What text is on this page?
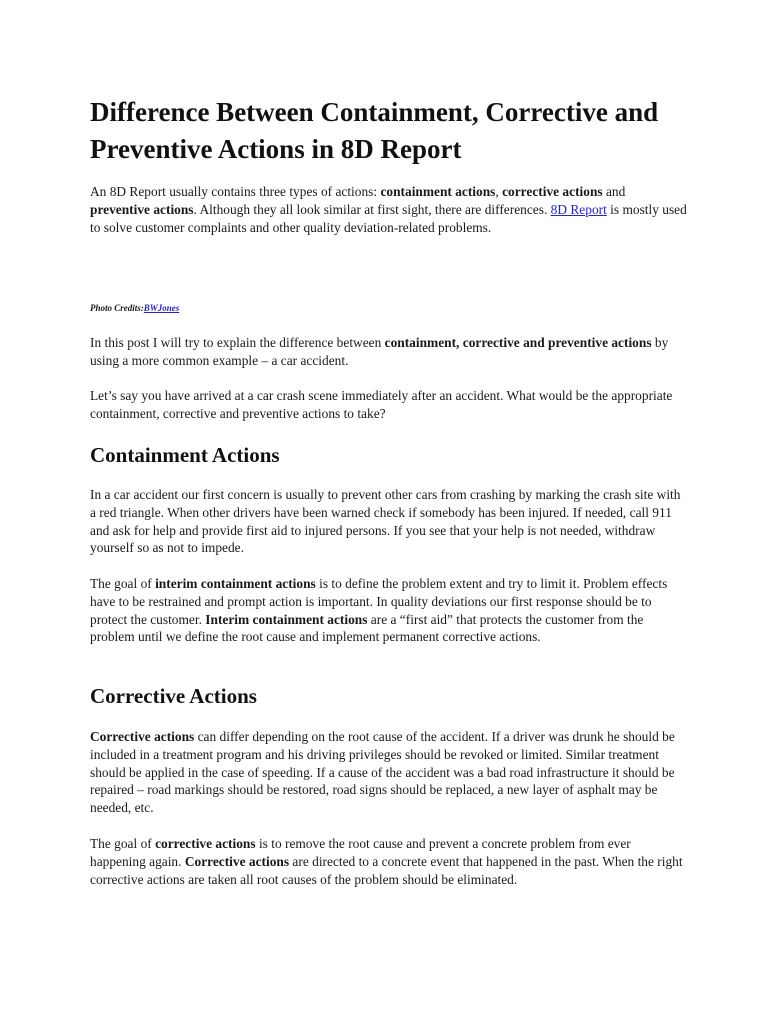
Difference Between Containment, Corrective and Preventive Actions in 8D Report

An 8D Report usually contains three types of actions: containment actions, corrective actions and preventive actions. Although they all look similar at first sight, there are differences. 8D Report is mostly used to solve customer complaints and other quality deviation-related problems.

Photo Credits:BWJones

In this post I will try to explain the difference between containment, corrective and preventive actions by using a more common example – a car accident.

Let’s say you have arrived at a car crash scene immediately after an accident. What would be the appropriate containment, corrective and preventive actions to take?

Containment Actions

In a car accident our first concern is usually to prevent other cars from crashing by marking the crash site with a red triangle. When other drivers have been warned check if somebody has been injured. If needed, call 911 and ask for help and provide first aid to injured persons. If you see that your help is not needed, withdraw yourself so as not to impede.

The goal of interim containment actions is to define the problem extent and try to limit it. Problem effects have to be restrained and prompt action is important. In quality deviations our first response should be to protect the customer. Interim containment actions are a “first aid” that protects the customer from the problem until we define the root cause and implement permanent corrective actions.

Corrective Actions

Corrective actions can differ depending on the root cause of the accident. If a driver was drunk he should be included in a treatment program and his driving privileges should be revoked or limited. Similar treatment should be applied in the case of speeding. If a cause of the accident was a bad road infrastructure it should be repaired – road markings should be restored, road signs should be replaced, a new layer of asphalt may be needed, etc.

The goal of corrective actions is to remove the root cause and prevent a concrete problem from ever happening again. Corrective actions are directed to a concrete event that happened in the past. When the right corrective actions are taken all root causes of the problem should be eliminated.
